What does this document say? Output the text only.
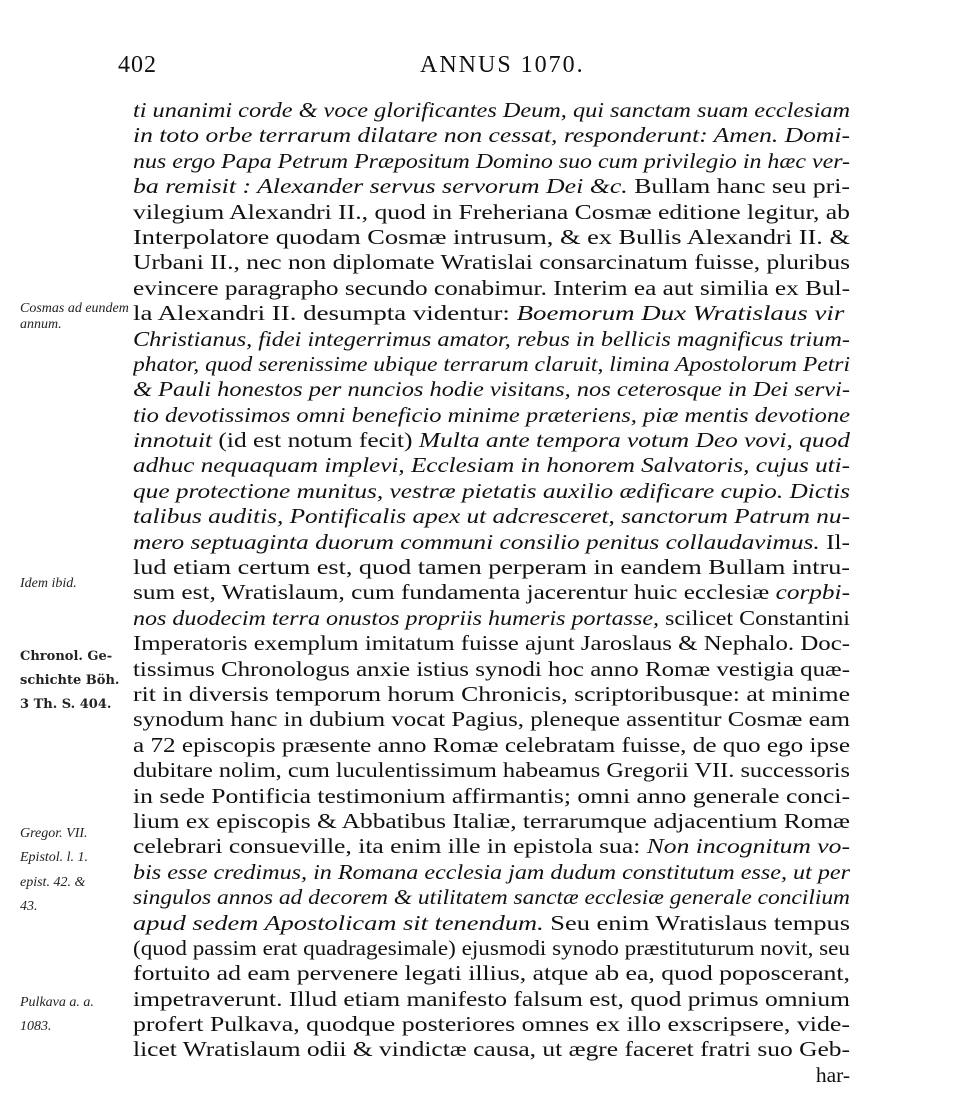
402	ANNUS 1070.
Cosmas ad eundem annum.
Idem ibid.
Chronol. Ge-
schichte Böh.
3 Th. S. 404.
Gregor. VII.
Epistol. l. 1.
epist. 42. &
43.
Pulkava a. a.
1083.
ti unanimi corde & voce glorificantes Deum, qui sanctam suam ecclesiam
in toto orbe terrarum dilatare non cessat, responderunt: Amen. Domi-
nus ergo Papa Petrum Præpositum Domino suo cum privilegio in hæc ver-
ba remisit : Alexander servus servorum Dei &c. Bullam hanc seu pri-
vilegium Alexandri II., quod in Freheriana Cosmæ editione legitur, ab
Interpolatore quodam Cosmæ intrusum, & ex Bullis Alexandri II. &
Urbani II., nec non diplomate Wratislai consarcinatum fuisse, pluribus
evincere paragrapho secundo conabimur. Interim ea aut similia ex Bul-
la Alexandri II. desumpta videntur: Boemorum Dux Wratislaus vir
Christianus, fidei integerrimus amator, rebus in bellicis magnificus trium-
phator, quod serenissime ubique terrarum claruit, limina Apostolorum Petri
& Pauli honestos per nuncios hodie visitans, nos ceterosque in Dei servi-
tio devotissimos omni beneficio minime præteriens, piæ mentis devotione
innotuit (id est notum fecit) Multa ante tempora votum Deo vovi, quod
adhuc nequaquam implevi, Ecclesiam in honorem Salvatoris, cujus uti-
que protectione munitus, vestræ pietatis auxilio ædificare cupio. Dictis
talibus auditis, Pontificalis apex ut adcresceret, sanctorum Patrum nu-
mero septuaginta duorum communi consilio penitus collaudavimus. Il-
lud etiam certum est, quod tamen perperam in eandem Bullam intru-
sum est, Wratislaum, cum fundamenta jacerentur huic ecclesiæ corpbi-
nos duodecim terra onustos propriis humeris portasse, scilicet Constantini
Imperatoris exemplum imitatum fuisse ajunt Jaroslaus & Nephalo. Doc-
tissimus Chronologus anxie istius synodi hoc anno Romæ vestigia quæ-
rit in diversis temporum horum Chronicis, scriptoribusque: at minime
synodum hanc in dubium vocat Pagius, pleneque assentitur Cosmæ eam
a 72 episcopis præsente anno Romæ celebratam fuisse, de quo ego ipse
dubitare nolim, cum luculentissimum habeamus Gregorii VII. successoris
in sede Pontificia testimonium affirmantis; omni anno generale conci-
lium ex episcopis & Abbatibus Italiæ, terrarumque adjacentium Romæ
celebrari consueville, ita enim ille in epistola sua: Non incognitum vo-
bis esse credimus, in Romana ecclesia jam dudum constitutum esse, ut per
singulos annos ad decorem & utilitatem sanctæ ecclesiæ generale concilium
apud sedem Apostolicam sit tenendum. Seu enim Wratislaus tempus
(quod passim erat quadragesimale) ejusmodi synodo præstituturum novit, seu
fortuito ad eam pervenere legati illius, atque ab ea, quod poposcerant,
impetraverunt. Illud etiam manifesto falsum est, quod primus omnium
profert Pulkava, quodque posteriores omnes ex illo exscripsere, vide-
licet Wratislaum odii & vindictæ causa, ut ægre faceret fratri suo Geb-
har-
